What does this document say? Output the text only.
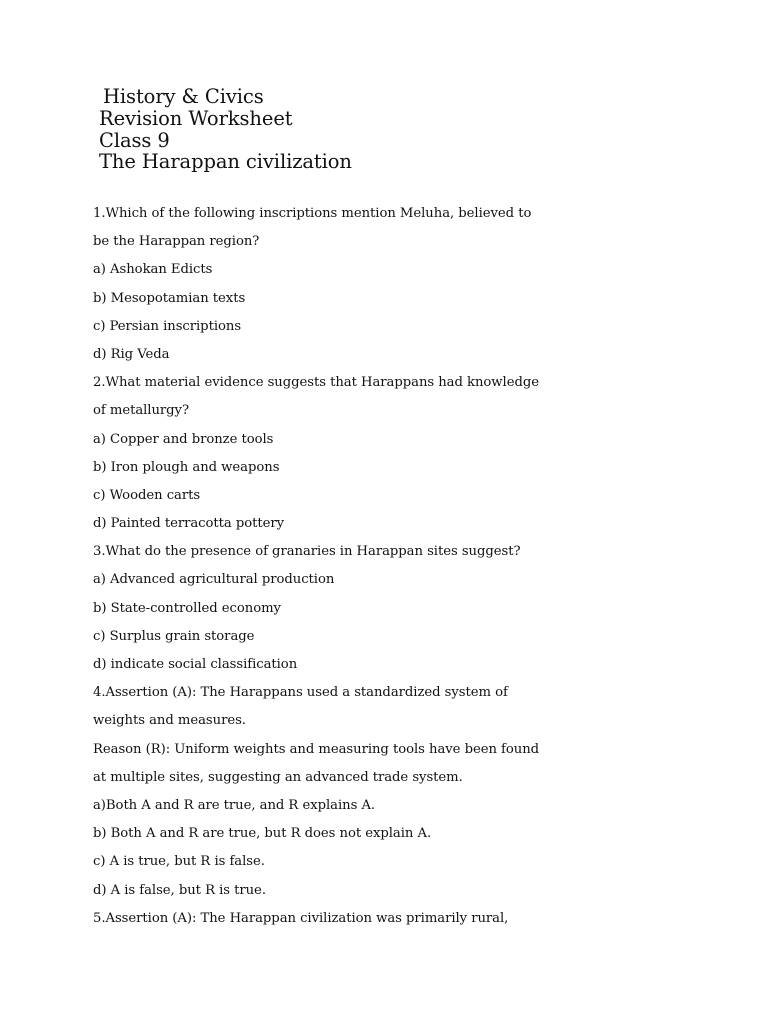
History & Civics
Revision Worksheet
Class 9
The Harappan civilization
1.Which of the following inscriptions mention Meluha, believed to
be the Harappan region?
a) Ashokan Edicts
b) Mesopotamian texts
c) Persian inscriptions
d) Rig Veda
2.What material evidence suggests that Harappans had knowledge
of metallurgy?
a) Copper and bronze tools
b) Iron plough and weapons
c) Wooden carts
d) Painted terracotta pottery
3.What do the presence of granaries in Harappan sites suggest?
a) Advanced agricultural production
b) State-controlled economy
c) Surplus grain storage
d) indicate social classification
4.Assertion (A): The Harappans used a standardized system of
weights and measures.
Reason (R): Uniform weights and measuring tools have been found
at multiple sites, suggesting an advanced trade system.
a)Both A and R are true, and R explains A.
b) Both A and R are true, but R does not explain A.
c) A is true, but R is false.
d) A is false, but R is true.
5.Assertion (A): The Harappan civilization was primarily rural,
